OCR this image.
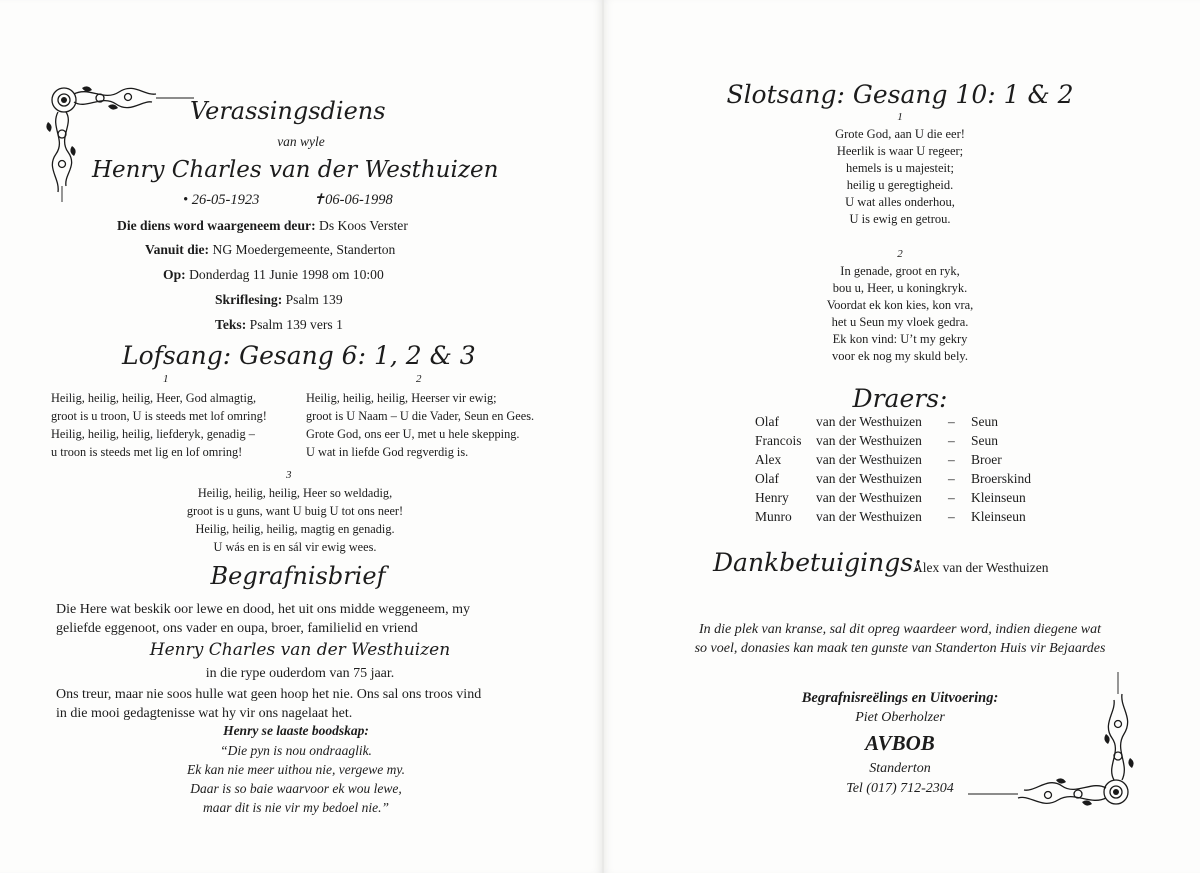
Verassingsdiens
van wyle
Henry Charles van der Westhuizen
• 26-05-1923	✝06-06-1998
Die diens word waargeneem deur: Ds Koos Verster
Vanuit die: NG Moedergemeente, Standerton
Op: Donderdag 11 Junie 1998 om 10:00
Skriflesing: Psalm 139
Teks: Psalm 139 vers 1
Lofsang: Gesang 6: 1, 2 & 3
1
Heilig, heilig, heilig, Heer, God almagtig,
groot is u troon, U is steeds met lof omring!
Heilig, heilig, heilig, liefderyk, genadig –
u troon is steeds met lig en lof omring!
2
Heilig, heilig, heilig, Heerser vir ewig;
groot is U Naam – U die Vader, Seun en Gees.
Grote God, ons eer U, met u hele skepping.
U wat in liefde God regverdig is.
3
Heilig, heilig, heilig, Heer so weldadig,
groot is u guns, want U buig U tot ons neer!
Heilig, heilig, heilig, magtig en genadig.
U wás en is en sál vir ewig wees.
Begrafnisbrief
Die Here wat beskik oor lewe en dood, het uit ons midde weggeneem, my
geliefde eggenoot, ons vader en oupa, broer, familielid en vriend
Henry Charles van der Westhuizen
in die rype ouderdom van 75 jaar.
Ons treur, maar nie soos hulle wat geen hoop het nie. Ons sal ons troos vind
in die mooi gedagtenisse wat hy vir ons nagelaat het.
Henry se laaste boodskap:
“Die pyn is nou ondraaglik.
Ek kan nie meer uithou nie, vergewe my.
Daar is so baie waarvoor ek wou lewe,
maar dit is nie vir my bedoel nie.”
Slotsang: Gesang 10: 1 & 2
1
Grote God, aan U die eer!
Heerlik is waar U regeer;
hemels is u majesteit;
heilig u geregtigheid.
U wat alles onderhou,
U is ewig en getrou.
2
In genade, groot en ryk,
bou u, Heer, u koningkryk.
Voordat ek kon kies, kon vra,
het u Seun my vloek gedra.
Ek kon vind: U’t my gekry
voor ek nog my skuld bely.
Draers:
Olaf	van der Westhuizen – Seun
Francois van der Westhuizen – Seun
Alex	van der Westhuizen – Broer
Olaf	van der Westhuizen – Broerskind
Henry van der Westhuizen – Kleinseun
Munro van der Westhuizen – Kleinseun
Dankbetuigings:
Alex van der Westhuizen
In die plek van kranse, sal dit opreg waardeer word, indien diegene wat
so voel, donasies kan maak ten gunste van Standerton Huis vir Bejaardes
Begrafnisreëlings en Uitvoering:
Piet Oberholzer
AVBOB
Standerton
Tel (017) 712-2304
